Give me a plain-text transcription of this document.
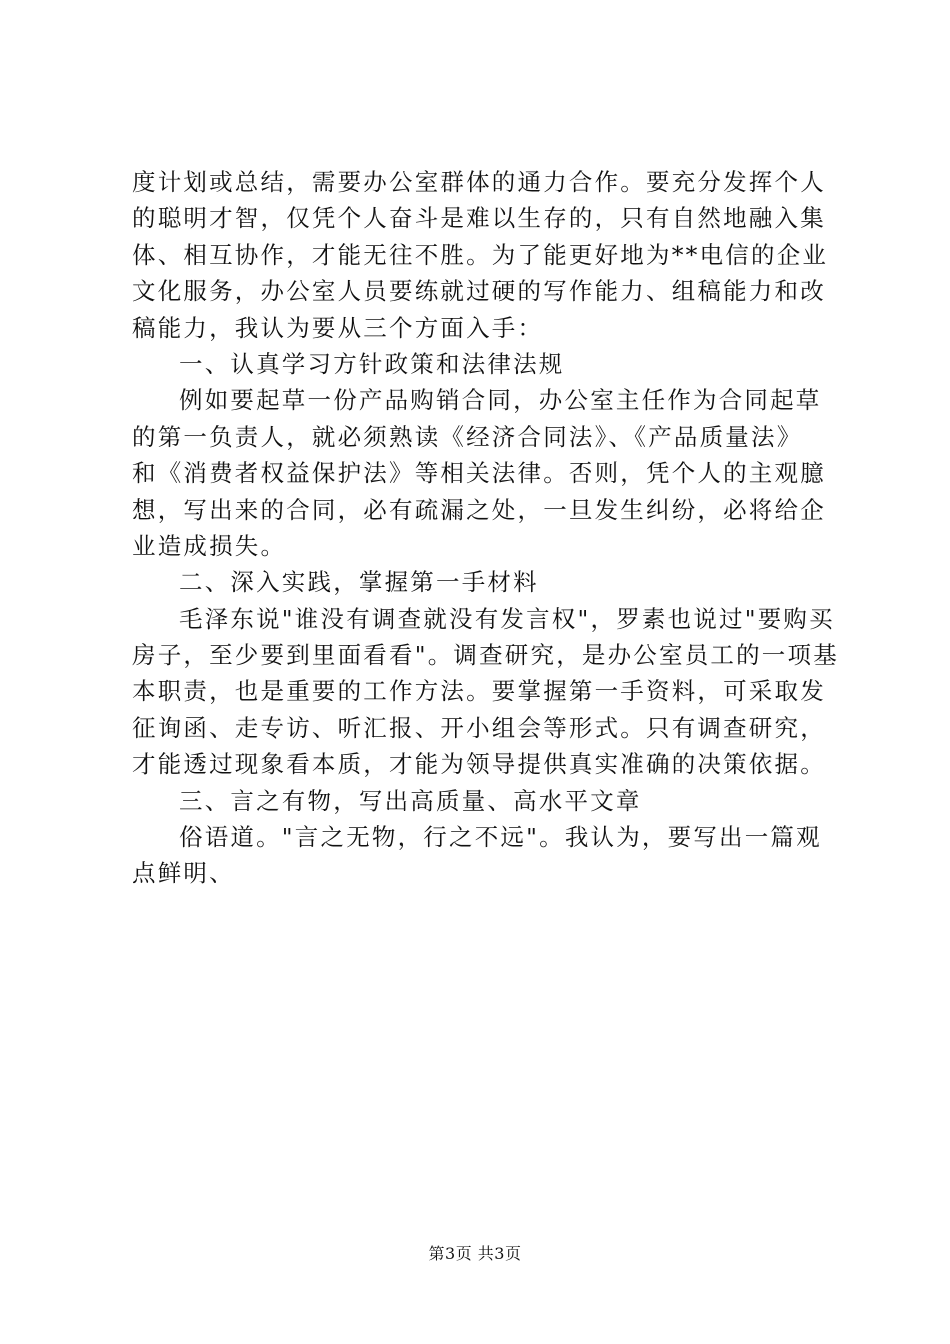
度计划或总结，需要办公室群体的通力合作。要充分发挥个人
的聪明才智，仅凭个人奋斗是难以生存的，只有自然地融入集
体、相互协作，才能无往不胜。为了能更好地为**电信的企业
文化服务，办公室人员要练就过硬的写作能力、组稿能力和改
稿能力，我认为要从三个方面入手：
一、认真学习方针政策和法律法规
例如要起草一份产品购销合同，办公室主任作为合同起草
的第一负责人，就必须熟读《经济合同法》、《产品质量法》
和《消费者权益保护法》等相关法律。否则，凭个人的主观臆
想，写出来的合同，必有疏漏之处，一旦发生纠纷，必将给企
业造成损失。
二、深入实践，掌握第一手材料
毛泽东说"谁没有调查就没有发言权"，罗素也说过"要购买
房子，至少要到里面看看"。调查研究，是办公室员工的一项基
本职责，也是重要的工作方法。要掌握第一手资料，可采取发
征询函、走专访、听汇报、开小组会等形式。只有调查研究，
才能透过现象看本质，才能为领导提供真实准确的决策依据。
三、言之有物，写出高质量、高水平文章
俗语道。"言之无物，行之不远"。我认为，要写出一篇观
点鲜明、
第3页 共3页
